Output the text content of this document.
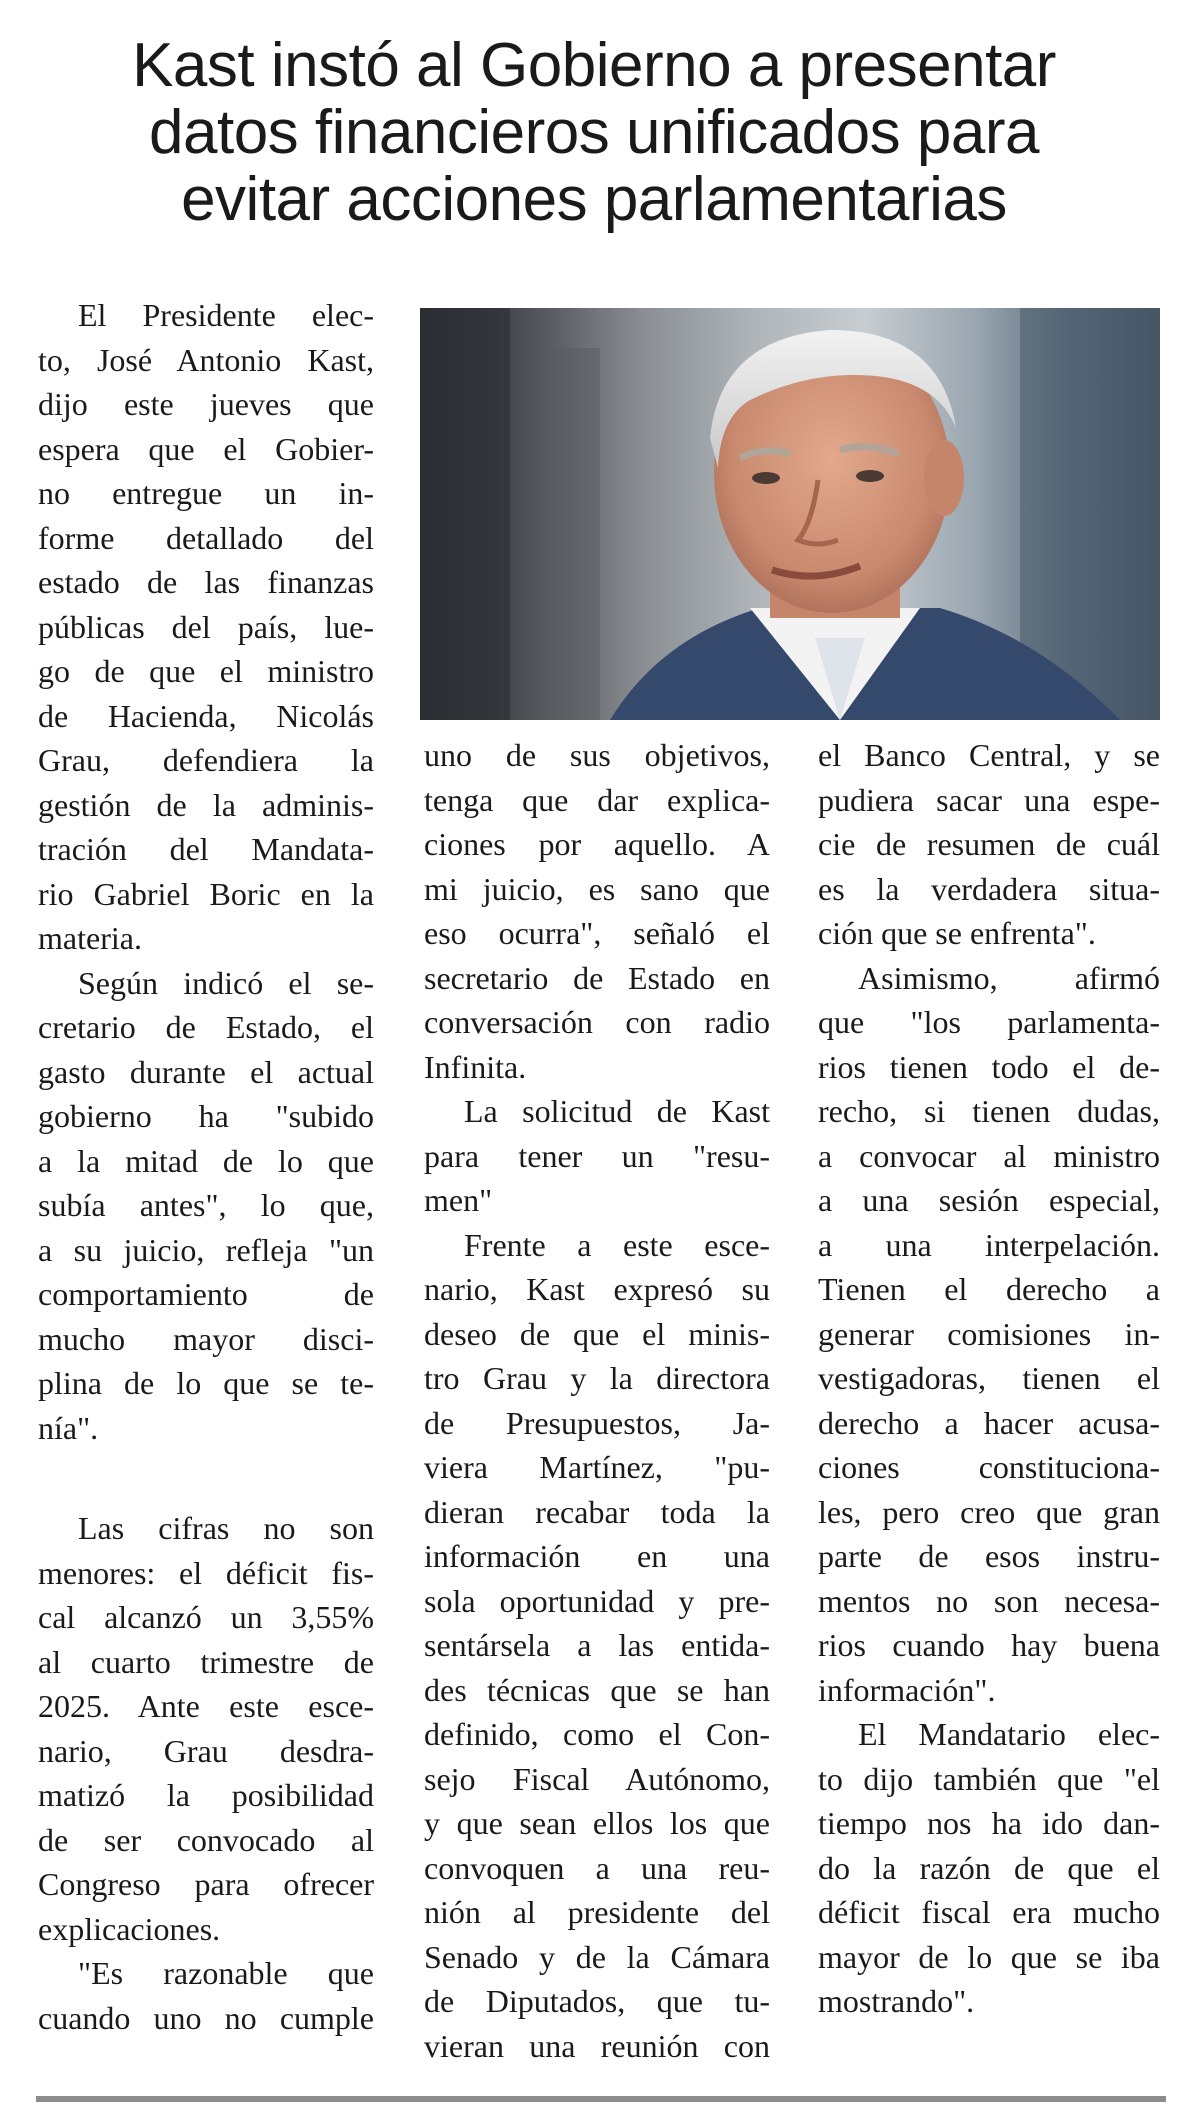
Kast instó al Gobierno a presentar
datos financieros unificados para
evitar acciones parlamentarias

El Presidente elec-
to, José Antonio Kast,
dijo este jueves que
espera que el Gobier-
no entregue un in-
forme detallado del
estado de las finanzas
públicas del país, lue-
go de que el ministro
de Hacienda, Nicolás
Grau, defendiera la
gestión de la adminis-
tración del Mandata-
rio Gabriel Boric en la
materia.

Según indicó el se-
cretario de Estado, el
gasto durante el actual
gobierno ha "subido
a la mitad de lo que
subía antes", lo que,
a su juicio, refleja "un
comportamiento de
mucho mayor disci-
plina de lo que se te-
nía".

Las cifras no son
menores: el déficit fis-
cal alcanzó un 3,55%
al cuarto trimestre de
2025. Ante este esce-
nario, Grau desdra-
matizó la posibilidad
de ser convocado al
Congreso para ofrecer
explicaciones.

"Es razonable que
cuando uno no cumple

uno de sus objetivos,
tenga que dar explica-
ciones por aquello. A
mi juicio, es sano que
eso ocurra", señaló el
secretario de Estado en
conversación con radio
Infinita.

La solicitud de Kast
para tener un "resu-
men"

Frente a este esce-
nario, Kast expresó su
deseo de que el minis-
tro Grau y la directora
de Presupuestos, Ja-
viera Martínez, "pu-
dieran recabar toda la
información en una
sola oportunidad y pre-
sentársela a las entida-
des técnicas que se han
definido, como el Con-
sejo Fiscal Autónomo,
y que sean ellos los que
convoquen a una reu-
nión al presidente del
Senado y de la Cámara
de Diputados, que tu-
vieran una reunión con

el Banco Central, y se
pudiera sacar una espe-
cie de resumen de cuál
es la verdadera situa-
ción que se enfrenta".

Asimismo, afirmó
que "los parlamenta-
rios tienen todo el de-
recho, si tienen dudas,
a convocar al ministro
a una sesión especial,
a una interpelación.
Tienen el derecho a
generar comisiones in-
vestigadoras, tienen el
derecho a hacer acusa-
ciones constituciona-
les, pero creo que gran
parte de esos instru-
mentos no son necesa-
rios cuando hay buena
información".

El Mandatario elec-
to dijo también que "el
tiempo nos ha ido dan-
do la razón de que el
déficit fiscal era mucho
mayor de lo que se iba
mostrando".
